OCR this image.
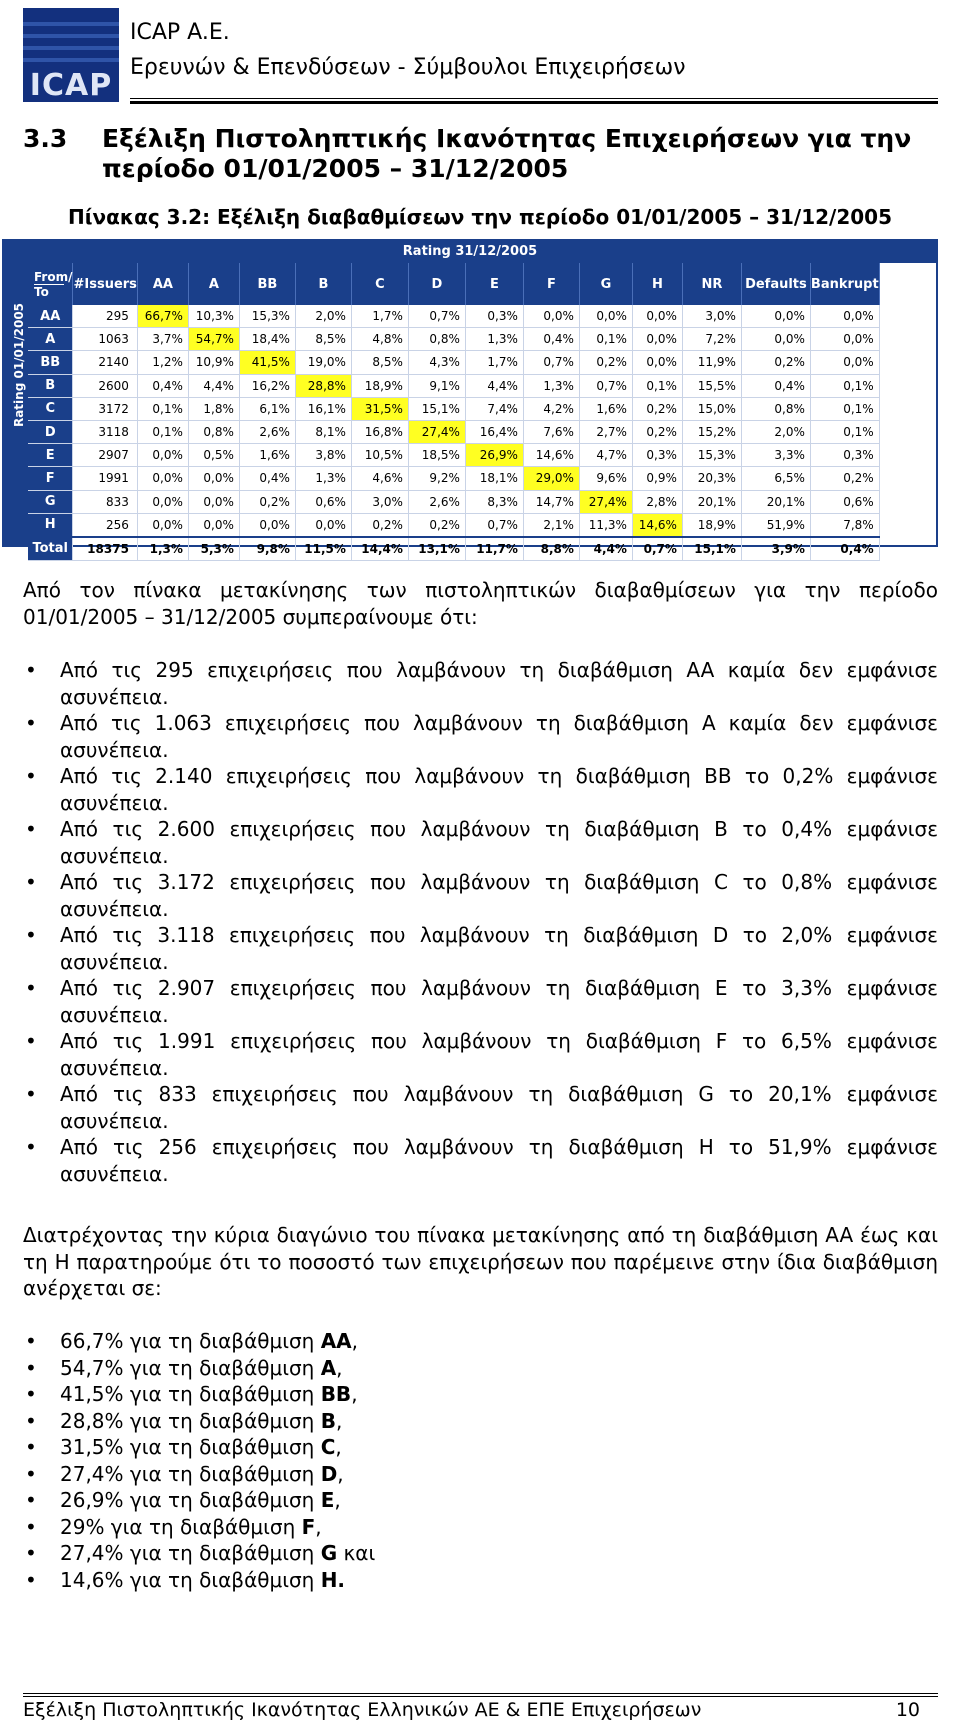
ICAP
ICAP A.E.
Ερευνών & Επενδύσεων - Σύμβουλοι Επιχειρήσεων
3.3 Εξέλιξη Πιστοληπτικής Ικανότητας Επιχειρήσεων για την περίοδο 01/01/2005 – 31/12/2005
Πίνακας 3.2: Εξέλιξη διαβαθμίσεων την περίοδο 01/01/2005 – 31/12/2005
Rating 31/12/2005
Rating 01/01/2005
From/
To	#Issuers	AA	A	BB	B	C	D	E	F	G	H	NR	Defaults	Bankrupt
AA	295	66,7%	10,3%	15,3%	2,0%	1,7%	0,7%	0,3%	0,0%	0,0%	0,0%	3,0%	0,0%	0,0%
A	1063	3,7%	54,7%	18,4%	8,5%	4,8%	0,8%	1,3%	0,4%	0,1%	0,0%	7,2%	0,0%	0,0%
BB	2140	1,2%	10,9%	41,5%	19,0%	8,5%	4,3%	1,7%	0,7%	0,2%	0,0%	11,9%	0,2%	0,0%
B	2600	0,4%	4,4%	16,2%	28,8%	18,9%	9,1%	4,4%	1,3%	0,7%	0,1%	15,5%	0,4%	0,1%
C	3172	0,1%	1,8%	6,1%	16,1%	31,5%	15,1%	7,4%	4,2%	1,6%	0,2%	15,0%	0,8%	0,1%
D	3118	0,1%	0,8%	2,6%	8,1%	16,8%	27,4%	16,4%	7,6%	2,7%	0,2%	15,2%	2,0%	0,1%
E	2907	0,0%	0,5%	1,6%	3,8%	10,5%	18,5%	26,9%	14,6%	4,7%	0,3%	15,3%	3,3%	0,3%
F	1991	0,0%	0,0%	0,4%	1,3%	4,6%	9,2%	18,1%	29,0%	9,6%	0,9%	20,3%	6,5%	0,2%
G	833	0,0%	0,0%	0,2%	0,6%	3,0%	2,6%	8,3%	14,7%	27,4%	2,8%	20,1%	20,1%	0,6%
H	256	0,0%	0,0%	0,0%	0,0%	0,2%	0,2%	0,7%	2,1%	11,3%	14,6%	18,9%	51,9%	7,8%
Total	18375	1,3%	5,3%	9,8%	11,5%	14,4%	13,1%	11,7%	8,8%	4,4%	0,7%	15,1%	3,9%	0,4%
Από τον πίνακα μετακίνησης των πιστοληπτικών διαβαθμίσεων για την περίοδο 01/01/2005 – 31/12/2005 συμπεραίνουμε ότι:
• Από τις 295 επιχειρήσεις που λαμβάνουν τη διαβάθμιση AA καμία δεν εμφάνισε ασυνέπεια.
• Από τις 1.063 επιχειρήσεις που λαμβάνουν τη διαβάθμιση A καμία δεν εμφάνισε ασυνέπεια.
• Από τις 2.140 επιχειρήσεις που λαμβάνουν τη διαβάθμιση BB το 0,2% εμφάνισε ασυνέπεια.
• Από τις 2.600 επιχειρήσεις που λαμβάνουν τη διαβάθμιση B το 0,4% εμφάνισε ασυνέπεια.
• Από τις 3.172 επιχειρήσεις που λαμβάνουν τη διαβάθμιση C το 0,8% εμφάνισε ασυνέπεια.
• Από τις 3.118 επιχειρήσεις που λαμβάνουν τη διαβάθμιση D το 2,0% εμφάνισε ασυνέπεια.
• Από τις 2.907 επιχειρήσεις που λαμβάνουν τη διαβάθμιση E το 3,3% εμφάνισε ασυνέπεια.
• Από τις 1.991 επιχειρήσεις που λαμβάνουν τη διαβάθμιση F το 6,5% εμφάνισε ασυνέπεια.
• Από τις 833 επιχειρήσεις που λαμβάνουν τη διαβάθμιση G το 20,1% εμφάνισε ασυνέπεια.
• Από τις 256 επιχειρήσεις που λαμβάνουν τη διαβάθμιση H το 51,9% εμφάνισε ασυνέπεια.
Διατρέχοντας την κύρια διαγώνιο του πίνακα μετακίνησης από τη διαβάθμιση AA έως και τη H παρατηρούμε ότι το ποσοστό των επιχειρήσεων που παρέμεινε στην ίδια διαβάθμιση ανέρχεται σε:
• 66,7% για τη διαβάθμιση AA,
• 54,7% για τη διαβάθμιση A,
• 41,5% για τη διαβάθμιση BB,
• 28,8% για τη διαβάθμιση B,
• 31,5% για τη διαβάθμιση C,
• 27,4% για τη διαβάθμιση D,
• 26,9% για τη διαβάθμιση E,
• 29% για τη διαβάθμιση F,
• 27,4% για τη διαβάθμιση G και
• 14,6% για τη διαβάθμιση H.
Εξέλιξη Πιστοληπτικής Ικανότητας Ελληνικών ΑΕ & ΕΠΕ Επιχειρήσεων	10
